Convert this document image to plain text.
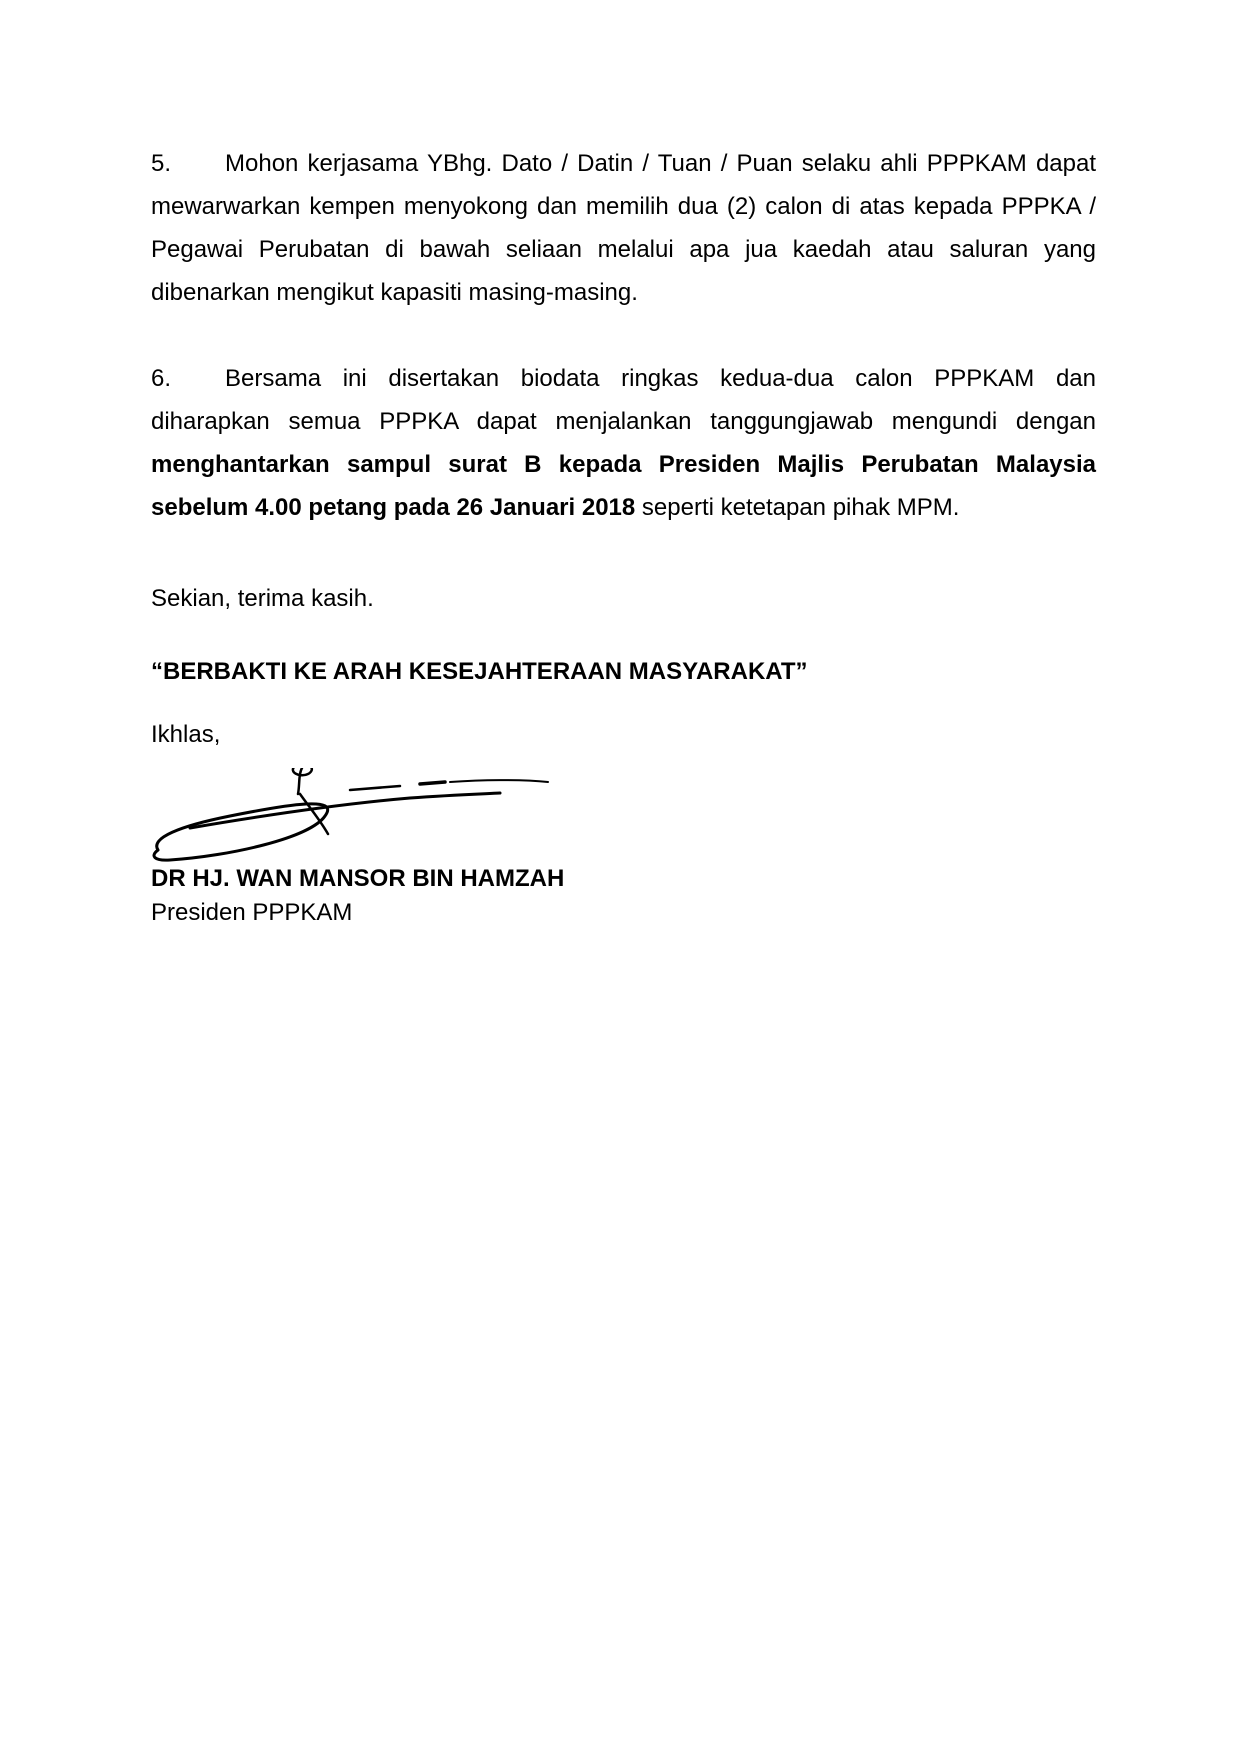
5. Mohon kerjasama YBhg. Dato / Datin / Tuan / Puan selaku ahli PPPKAM dapat mewarwarkan kempen menyokong dan memilih dua (2) calon di atas kepada PPPKA / Pegawai Perubatan di bawah seliaan melalui apa jua kaedah atau saluran yang dibenarkan mengikut kapasiti masing-masing.

6. Bersama ini disertakan biodata ringkas kedua-dua calon PPPKAM dan diharapkan semua PPPKA dapat menjalankan tanggungjawab mengundi dengan menghantarkan sampul surat B kepada Presiden Majlis Perubatan Malaysia sebelum 4.00 petang pada 26 Januari 2018 seperti ketetapan pihak MPM.

Sekian, terima kasih.

“BERBAKTI KE ARAH KESEJAHTERAAN MASYARAKAT”

Ikhlas,

DR HJ. WAN MANSOR BIN HAMZAH

Presiden PPPKAM
